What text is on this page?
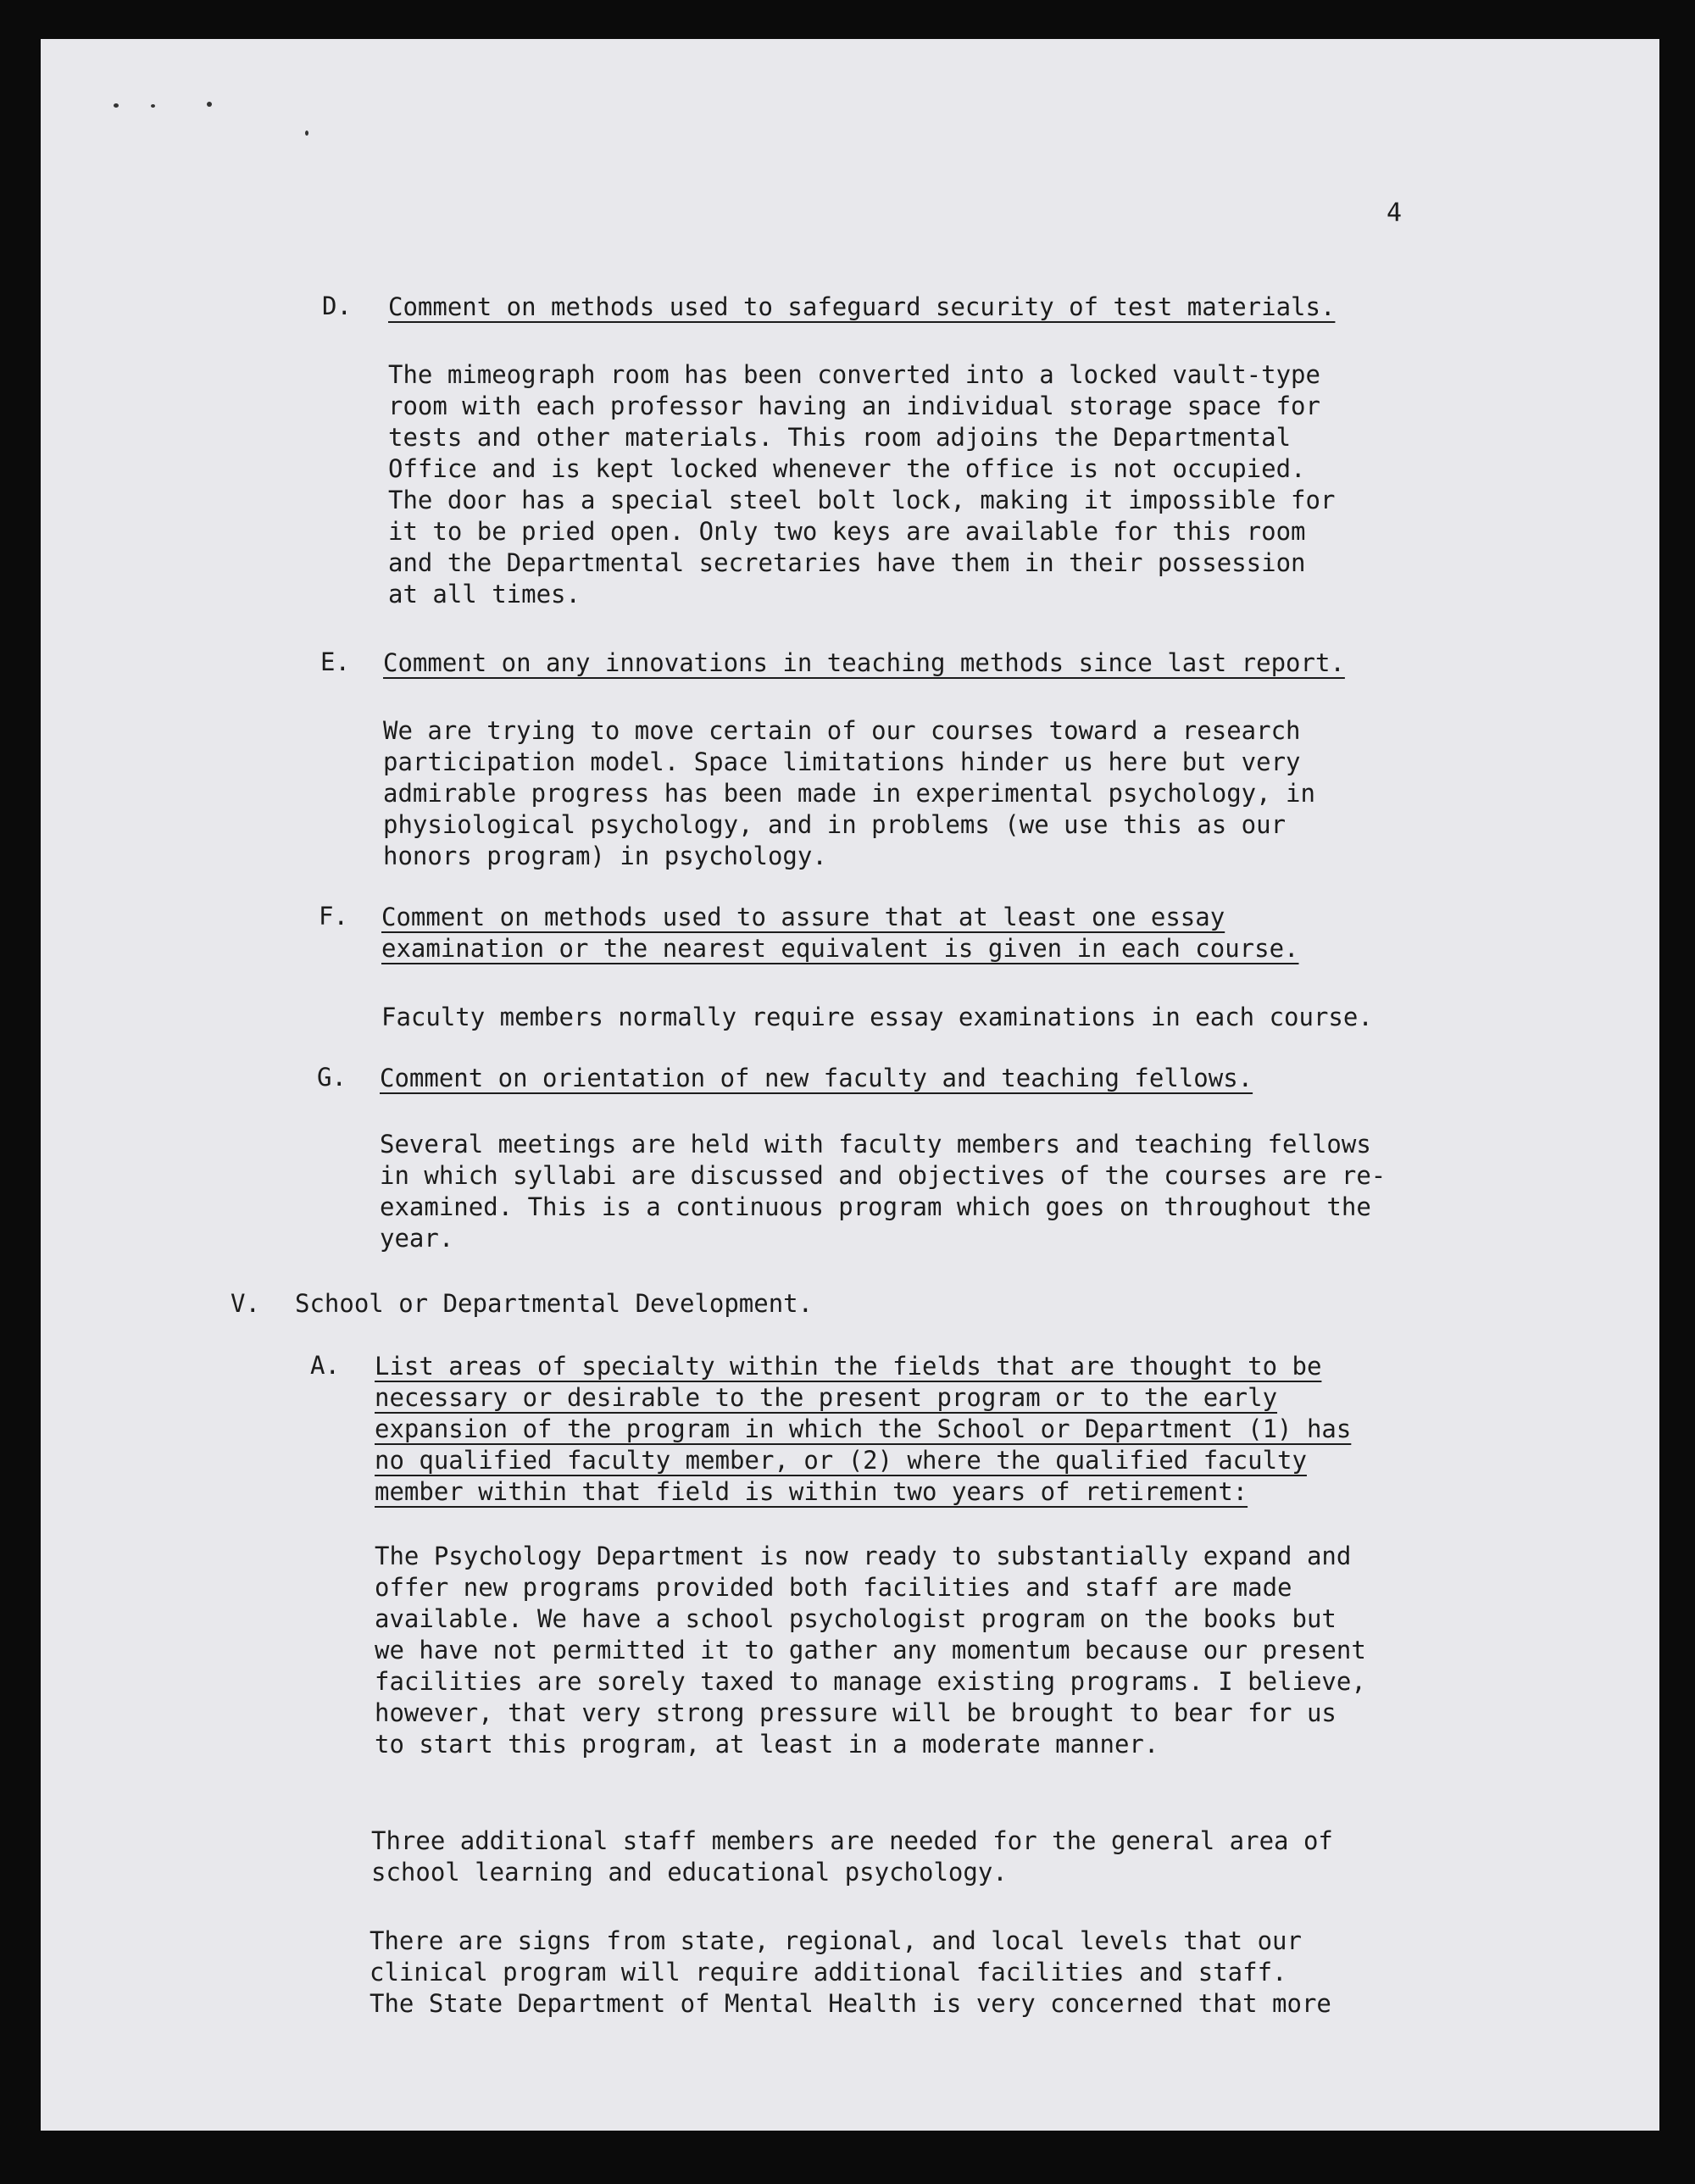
4
D. Comment on methods used to safeguard security of test materials.
The mimeograph room has been converted into a locked vault-type
room with each professor having an individual storage space for
tests and other materials. This room adjoins the Departmental
Office and is kept locked whenever the office is not occupied.
The door has a special steel bolt lock, making it impossible for
it to be pried open. Only two keys are available for this room
and the Departmental secretaries have them in their possession
at all times.
E. Comment on any innovations in teaching methods since last report.
We are trying to move certain of our courses toward a research
participation model. Space limitations hinder us here but very
admirable progress has been made in experimental psychology, in
physiological psychology, and in problems (we use this as our
honors program) in psychology.
F. Comment on methods used to assure that at least one essay
examination or the nearest equivalent is given in each course.
Faculty members normally require essay examinations in each course.
G. Comment on orientation of new faculty and teaching fellows.
Several meetings are held with faculty members and teaching fellows
in which syllabi are discussed and objectives of the courses are re-
examined. This is a continuous program which goes on throughout the
year.
V. School or Departmental Development.
A. List areas of specialty within the fields that are thought to be
necessary or desirable to the present program or to the early
expansion of the program in which the School or Department (1) has
no qualified faculty member, or (2) where the qualified faculty
member within that field is within two years of retirement:
The Psychology Department is now ready to substantially expand and
offer new programs provided both facilities and staff are made
available. We have a school psychologist program on the books but
we have not permitted it to gather any momentum because our present
facilities are sorely taxed to manage existing programs. I believe,
however, that very strong pressure will be brought to bear for us
to start this program, at least in a moderate manner.
Three additional staff members are needed for the general area of
school learning and educational psychology.
There are signs from state, regional, and local levels that our
clinical program will require additional facilities and staff.
The State Department of Mental Health is very concerned that more
